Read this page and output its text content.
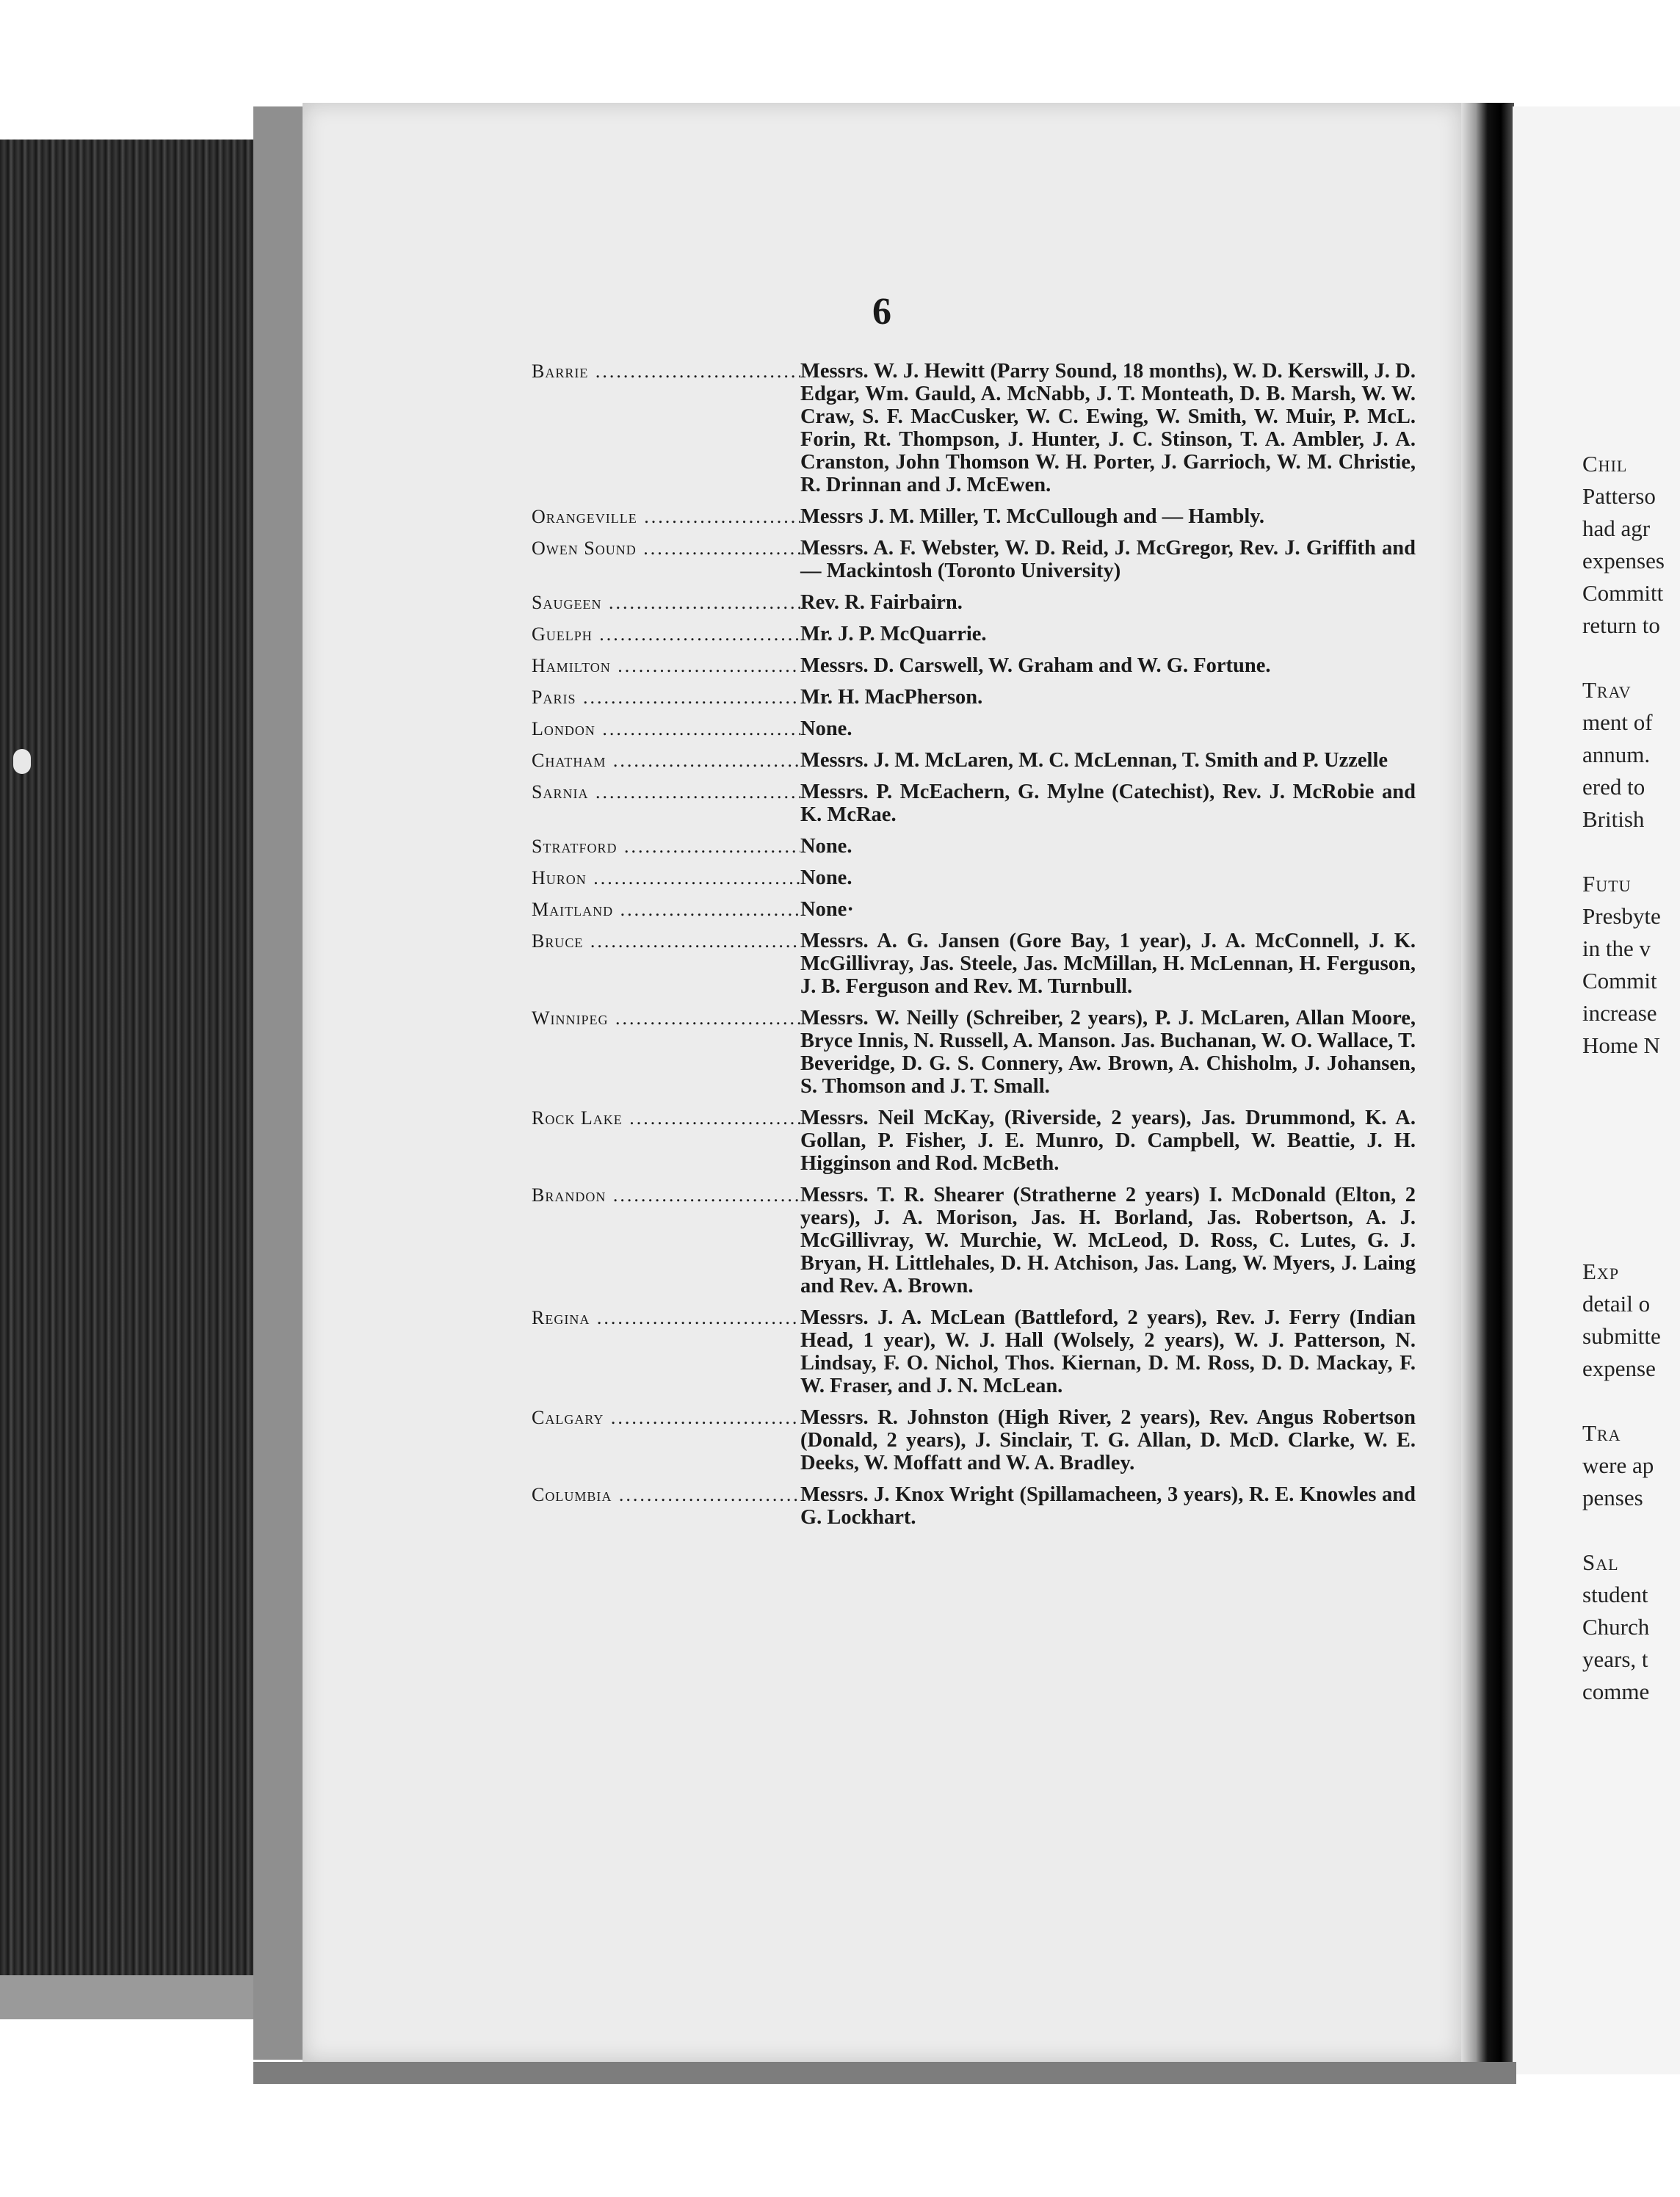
6
Barrie .....	Messrs. W. J. Hewitt (Parry Sound, 18 months), W. D. Kerswill, J. D. Edgar, Wm. Gauld, A. McNabb, J. T. Monteath, D. B. Marsh, W. W. Craw, S. F. MacCusker, W. C. Ewing, W. Smith, W. Muir, P. McL. Forin, Rt. Thompson, J. Hunter, J. C. Stinson, T. A. Ambler, J. A. Cranston, John Thomson W. H. Porter, J. Garrioch, W. M. Christie, R. Drinnan and J. McEwen.
Orangeville .....	Messrs J. M. Miller, T. McCullough and — Hambly.
Owen Sound .....	Messrs. A. F. Webster, W. D. Reid, J. McGregor, Rev. J. Griffith and — Mackintosh (Toronto University)
Saugeen .....	Rev. R. Fairbairn.
Guelph .....	Mr. J. P. McQuarrie.
Hamilton .....	Messrs. D. Carswell, W. Graham and W. G. Fortune.
Paris .....	Mr. H. MacPherson.
London .....	None.
Chatham .....	Messrs. J. M. McLaren, M. C. McLennan, T. Smith and P. Uzzelle
Sarnia .....	Messrs. P. McEachern, G. Mylne (Catechist), Rev. J. McRobie and K. McRae.
Stratford .....	None.
Huron .....	None.
Maitland .....	None·
Bruce .....	Messrs. A. G. Jansen (Gore Bay, 1 year), J. A. McConnell, J. K. McGillivray, Jas. Steele, Jas. McMillan, H. McLennan, H. Ferguson, J. B. Ferguson and Rev. M. Turnbull.
Winnipeg .....	Messrs. W. Neilly (Schreiber, 2 years), P. J. McLaren, Allan Moore, Bryce Innis, N. Russell, A. Manson. Jas. Buchanan, W. O. Wallace, T. Beveridge, D. G. S. Connery, Aw. Brown, A. Chisholm, J. Johansen, S. Thomson and J. T. Small.
Rock Lake .....	Messrs. Neil McKay, (Riverside, 2 years), Jas. Drummond, K. A. Gollan, P. Fisher, J. E. Munro, D. Campbell, W. Beattie, J. H. Higginson and Rod. McBeth.
Brandon .....	Messrs. T. R. Shearer (Stratherne 2 years) I. McDonald (Elton, 2 years), J. A. Morison, Jas. H. Borland, Jas. Robertson, A. J. McGillivray, W. Murchie, W. McLeod, D. Ross, C. Lutes, G. J. Bryan, H. Littlehales, D. H. Atchison, Jas. Lang, W. Myers, J. Laing and Rev. A. Brown.
Regina .....	Messrs. J. A. McLean (Battleford, 2 years), Rev. J. Ferry (Indian Head, 1 year), W. J. Hall (Wolsely, 2 years), W. J. Patterson, N. Lindsay, F. O. Nichol, Thos. Kiernan, D. M. Ross, D. D. Mackay, F. W. Fraser, and J. N. McLean.
Calgary .....	Messrs. R. Johnston (High River, 2 years), Rev. Angus Robertson (Donald, 2 years), J. Sinclair, T. G. Allan, D. McD. Clarke, W. E. Deeks, W. Moffatt and W. A. Bradley.
Columbia .....	Messrs. J. Knox Wright (Spillamacheen, 3 years), R. E. Knowles and G. Lockhart.
Chil
Patterso
had agr
expenses
Committ
return to

Trav
ment of
annum.
ered to
British

Futu
Presbyte
in the v
Commit
increase
Home N

Exp
detail o
submitte
expense

Tra
were ap
penses

Sal
student
Church
years, t
comme
